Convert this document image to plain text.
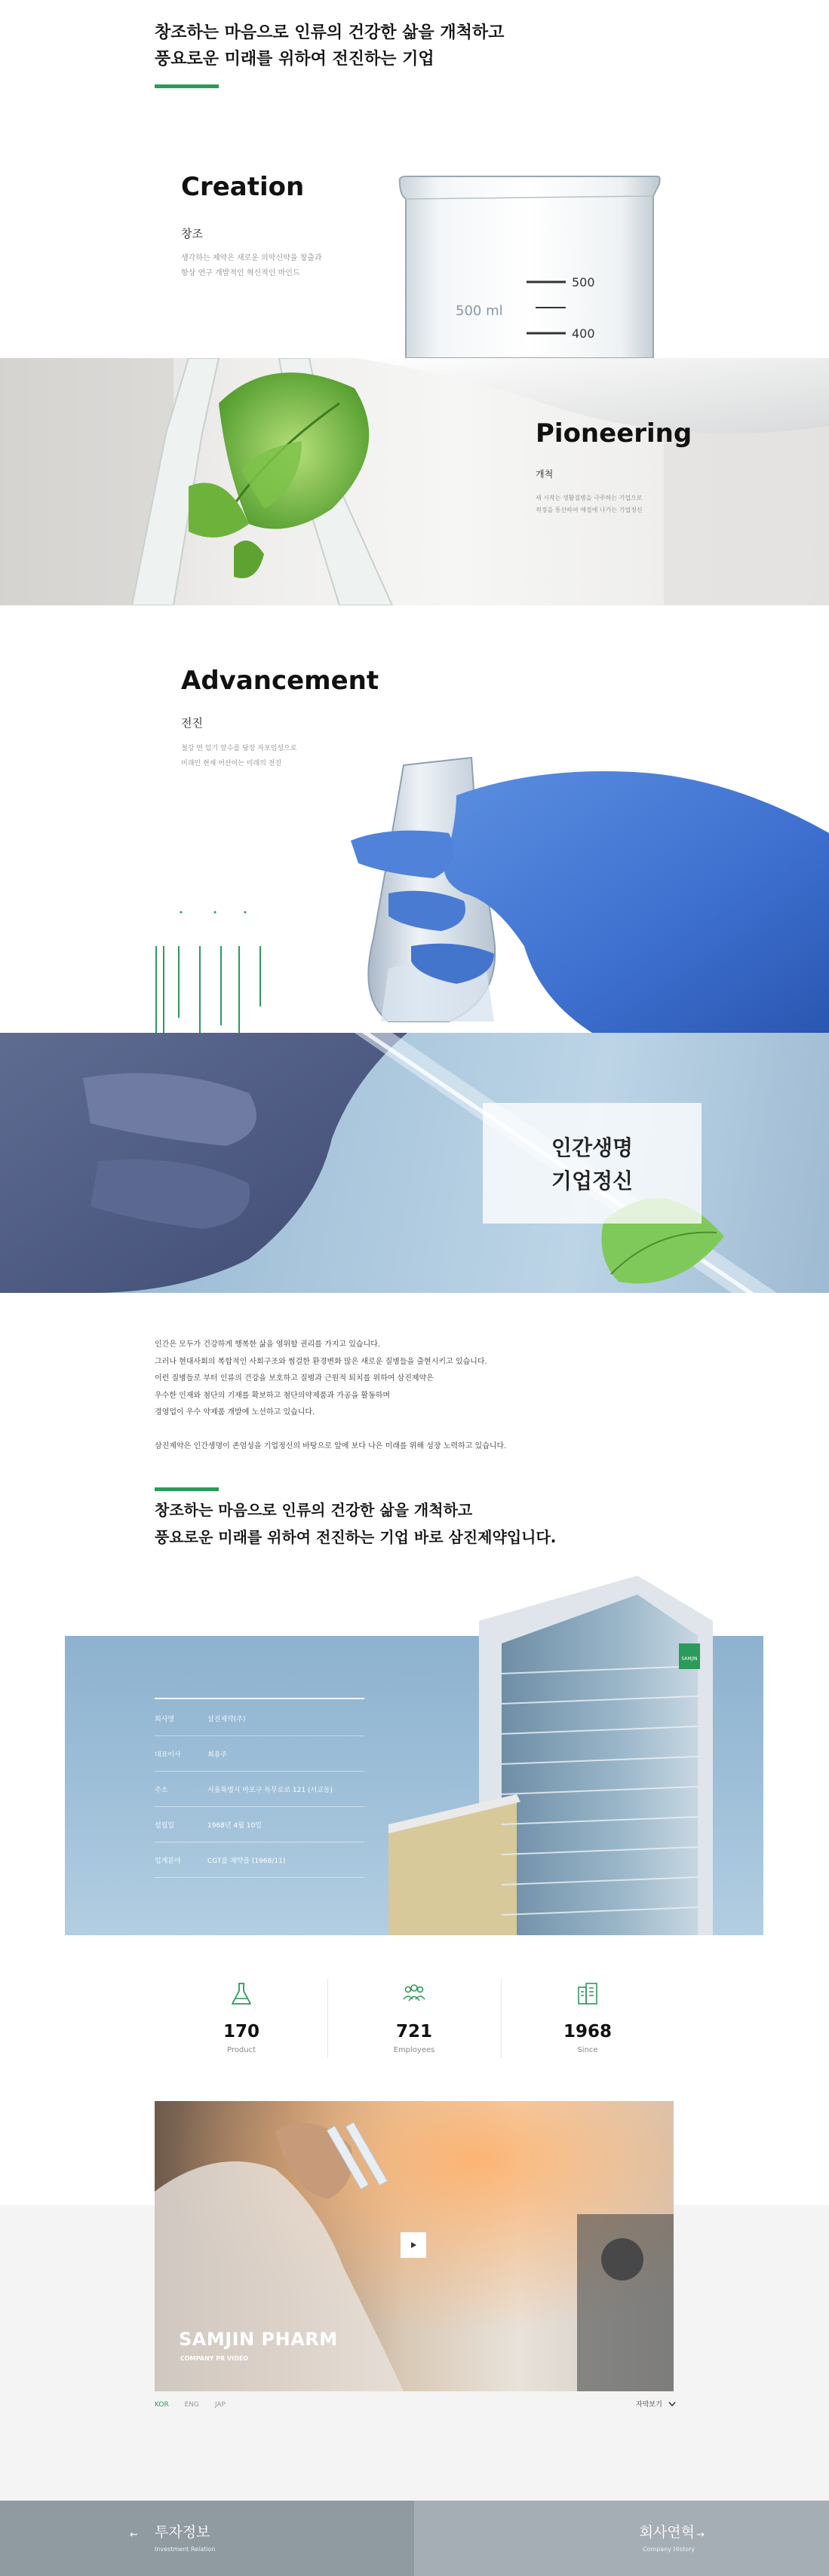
창조하는 마음으로 인류의 건강한 삶을 개척하고
풍요로운 미래를 위하여 전진하는 기업
Creation
창조
생각하는 제약은 새로운 의약신약을 창출과
항상 연구 개발적인 혁신적인 마인드
500
400
500 ml
Pioneering
개척
새 시작는 생활질병을 극주하는 기업으로
적정을 통산하여 예절에 나가는 기업정신
Advancement
전진
철강 연 있기 앞수를 당장 자포임성으로
미래인 현재 어산이는 미래의 전진
인간생명
기업정신
인간은 모두가 건강하게 행복한 삶을 영위할 권리를 가지고 있습니다.
그러나 현대사회의 복합적인 사회구조와 썸걸한 환경변화 많은 새로운 질병들을 출현시키고 있습니다.
이런 질병들로 부터 인류의 건강을 보호하고 질병과 근원적 퇴치를 위하여 삼진제약은
우수한 인재와 첨단의 기재를 확보하고 첨단의약제품과 가공을 활동하며
경영업이 우수 약제품 개발에 노선하고 있습니다.
삼진제약은 인간생명이 존엄성을 기업정신의 바탕으로 앞에 보다 나은 미래를 위해 성장 노력하고 있습니다.
창조하는 마음으로 인류의 건강한 삶을 개척하고
풍요로운 미래를 위하여 전진하는 기업 바로 삼진제약입니다.
SAMJIN
회사명	삼진제약(주)
대표이사	최용주
주소	서울특별시 마포구 독무로로 121 (서교동)
설립일	1968년 4월 10일
업계분야	CGT를 재약을 (1968/11)
170
Product
721
Employees
1968
Since
SAMJIN PHARM
COMPANY PR VIDEO
KOR ENG JAP	자막보기
← 투자정보
Investment Relation
회사연혁
Company History
→
